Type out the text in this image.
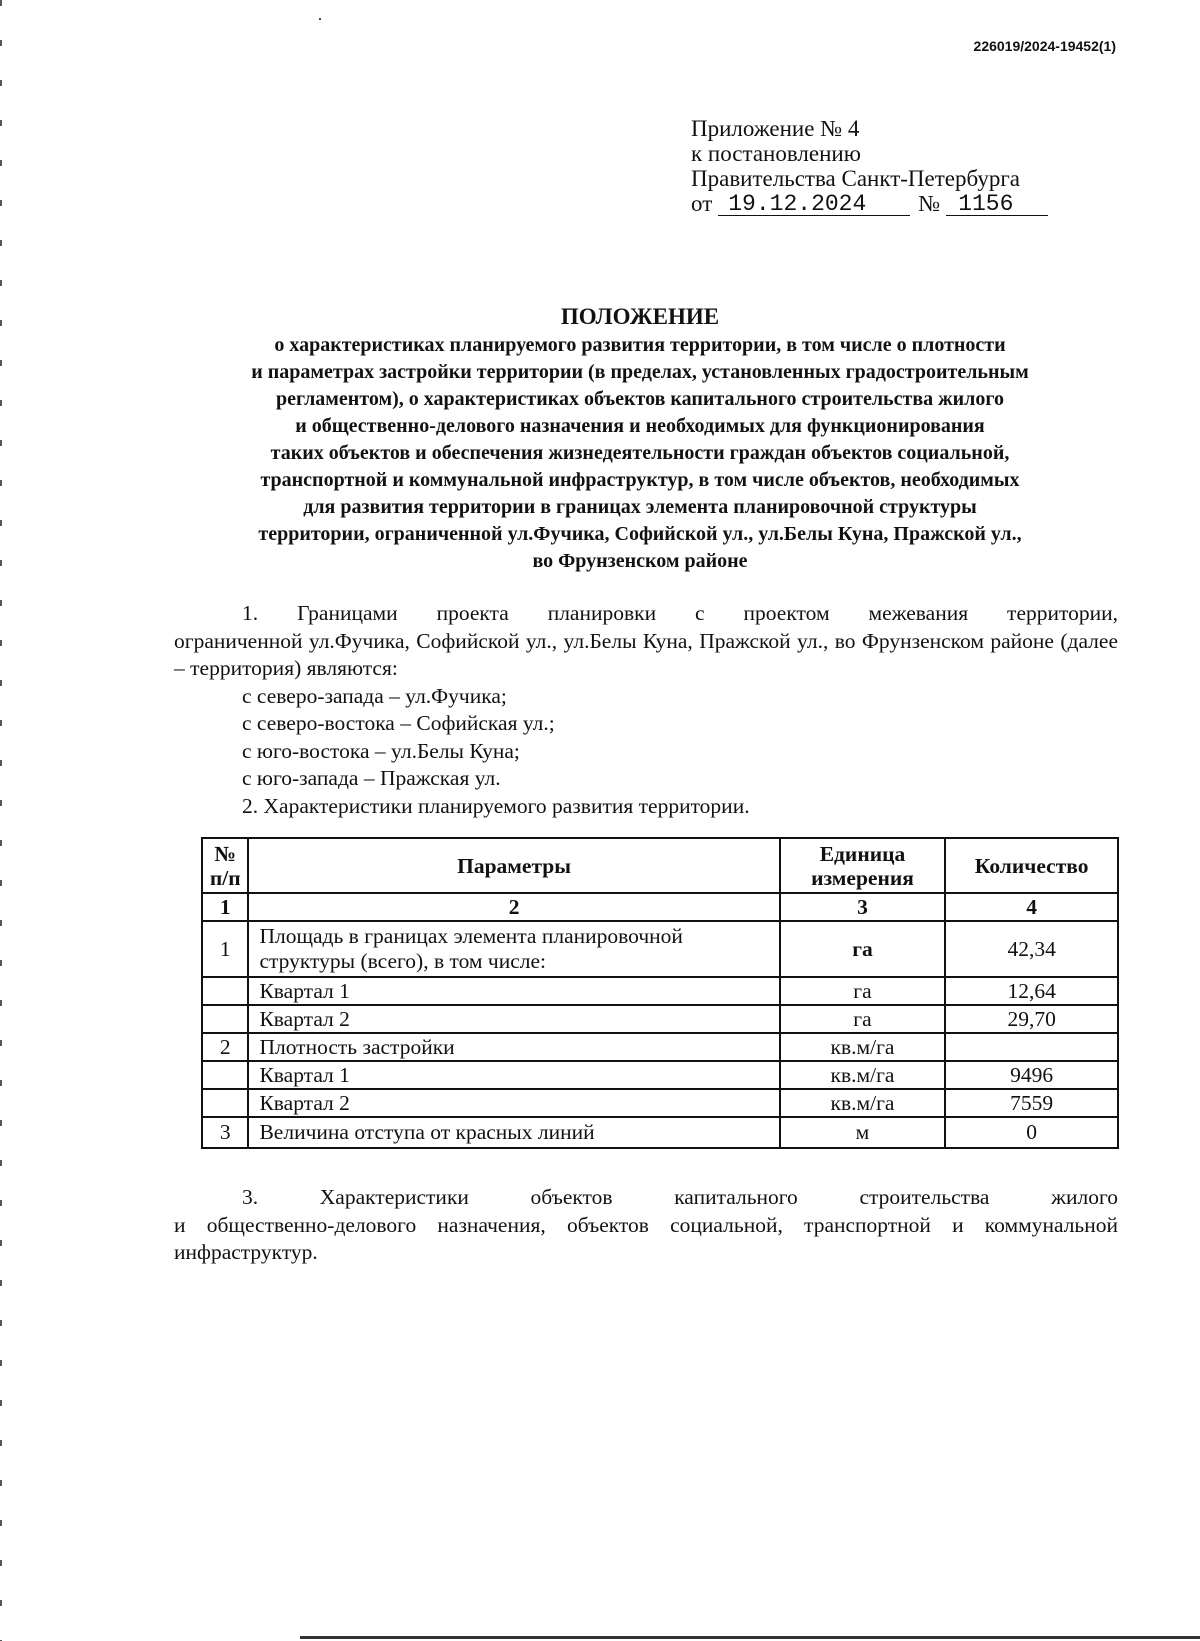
226019/2024-19452(1)
Приложение № 4
к постановлению
Правительства Санкт-Петербурга
от 19.12.2024	№ 1156
ПОЛОЖЕНИЕ
о характеристиках планируемого развития территории, в том числе о плотности
и параметрах застройки территории (в пределах, установленных градостроительным
регламентом), о характеристиках объектов капитального строительства жилого
и общественно-делового назначения и необходимых для функционирования
таких объектов и обеспечения жизнедеятельности граждан объектов социальной,
транспортной и коммунальной инфраструктур, в том числе объектов, необходимых
для развития территории в границах элемента планировочной структуры
территории, ограниченной ул.Фучика, Софийской ул., ул.Белы Куна, Пражской ул.,
во Фрунзенском районе
1. Границами проекта планировки с проектом межевания территории,
ограниченной ул.Фучика, Софийской ул., ул.Белы Куна, Пражской ул., во Фрунзенском районе (далее – территория) являются:
с северо-запада – ул.Фучика;
с северо-востока – Софийская ул.;
с юго-востока – ул.Белы Куна;
с юго-запада – Пражская ул.
2. Характеристики планируемого развития территории.
№ п/п	Параметры	Единица измерения	Количество
1	2	3	4
1	Площадь в границах элемента планировочной структуры (всего), в том числе:	га	42,34
	Квартал 1	га	12,64
	Квартал 2	га	29,70
2	Плотность застройки	кв.м/га	
	Квартал 1	кв.м/га	9496
	Квартал 2	кв.м/га	7559
3	Величина отступа от красных линий	м	0
3. Характеристики объектов капитального строительства жилого
и общественно-делового назначения, объектов социальной, транспортной и коммунальной инфраструктур.
